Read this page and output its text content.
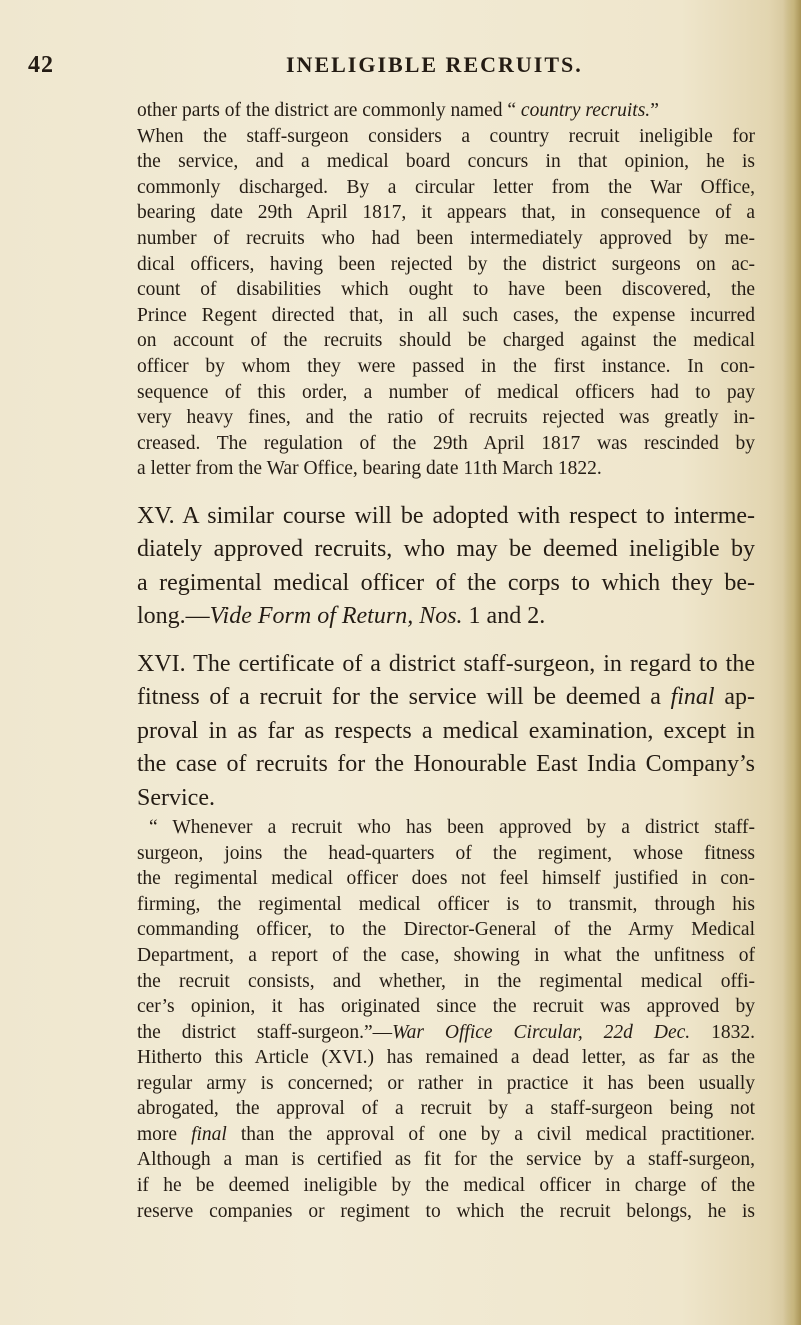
42	INELIGIBLE RECRUITS.
other parts of the district are commonly named “ country recruits.”
When the staff-surgeon considers a country recruit ineligible for
the service, and a medical board concurs in that opinion, he is
commonly discharged. By a circular letter from the War Office,
bearing date 29th April 1817, it appears that, in consequence of a
number of recruits who had been intermediately approved by me-
dical officers, having been rejected by the district surgeons on ac-
count of disabilities which ought to have been discovered, the
Prince Regent directed that, in all such cases, the expense incurred
on account of the recruits should be charged against the medical
officer by whom they were passed in the first instance. In con-
sequence of this order, a number of medical officers had to pay
very heavy fines, and the ratio of recruits rejected was greatly in-
creased. The regulation of the 29th April 1817 was rescinded by
a letter from the War Office, bearing date 11th March 1822.
XV. A similar course will be adopted with respect to interme-
diately approved recruits, who may be deemed ineligible by
a regimental medical officer of the corps to which they be-
long.—Vide Form of Return, Nos. 1 and 2.
XVI. The certificate of a district staff-surgeon, in regard to the
fitness of a recruit for the service will be deemed a final ap-
proval in as far as respects a medical examination, except in
the case of recruits for the Honourable East India Company’s
Service.
“ Whenever a recruit who has been approved by a district staff-
surgeon, joins the head-quarters of the regiment, whose fitness
the regimental medical officer does not feel himself justified in con-
firming, the regimental medical officer is to transmit, through his
commanding officer, to the Director-General of the Army Medical
Department, a report of the case, showing in what the unfitness of
the recruit consists, and whether, in the regimental medical offi-
cer’s opinion, it has originated since the recruit was approved by
the district staff-surgeon.”—War Office Circular, 22d Dec. 1832.
Hitherto this Article (XVI.) has remained a dead letter, as far as the
regular army is concerned; or rather in practice it has been usually
abrogated, the approval of a recruit by a staff-surgeon being not
more final than the approval of one by a civil medical practitioner.
Although a man is certified as fit for the service by a staff-surgeon,
if he be deemed ineligible by the medical officer in charge of the
reserve companies or regiment to which the recruit belongs, he is
